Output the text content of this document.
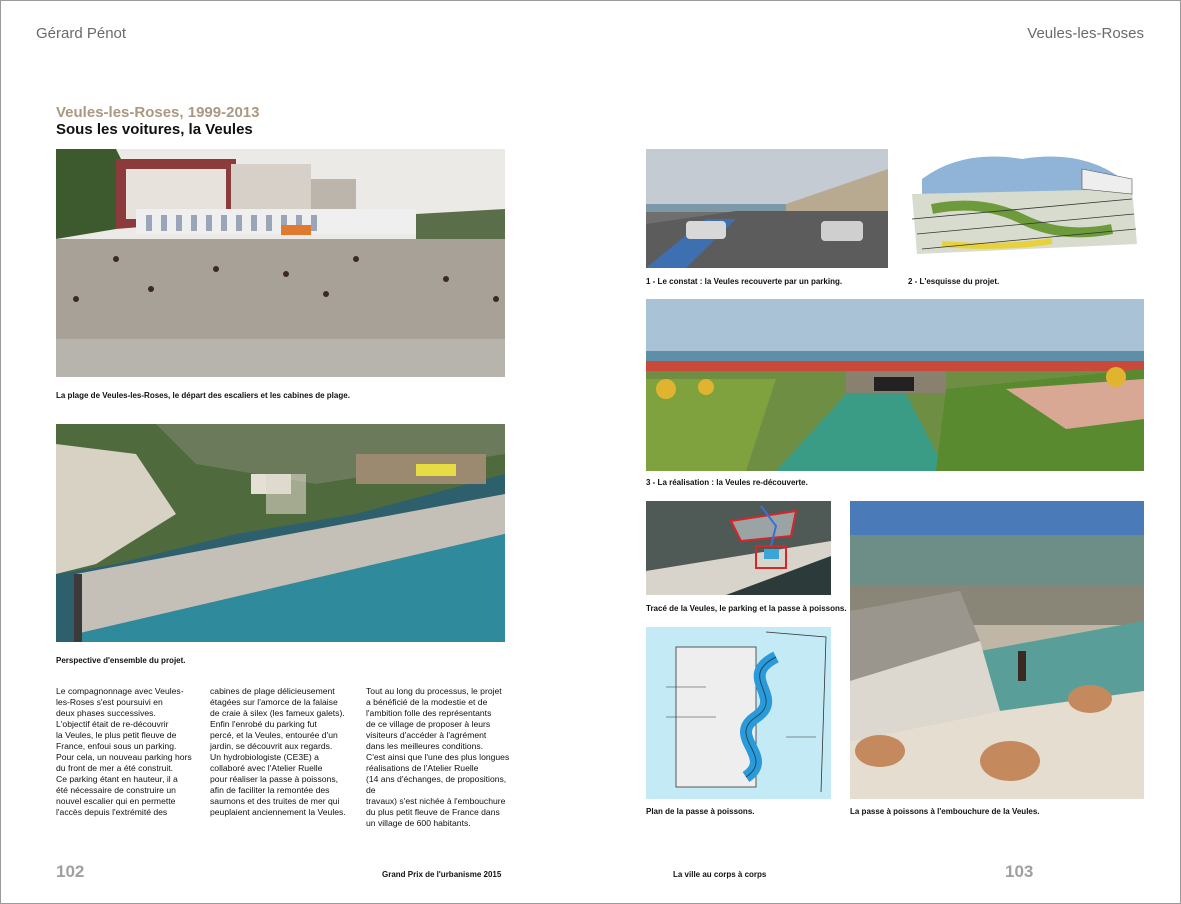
Gérard Pénot	Veules-les-Roses
Veules-les-Roses, 1999-2013
Sous les voitures, la Veules
La plage de Veules-les-Roses, le départ des escaliers et les cabines de plage.
Perspective d'ensemble du projet.
Le compagnonnage avec Veules-
les-Roses s'est poursuivi en
deux phases successives.
L'objectif était de re-découvrir
la Veules, le plus petit fleuve de
France, enfoui sous un parking.
Pour cela, un nouveau parking hors
du front de mer a été construit.
Ce parking étant en hauteur, il a
été nécessaire de construire un
nouvel escalier qui en permette
l'accès depuis l'extrémité des
cabines de plage délicieusement
étagées sur l'amorce de la falaise
de craie à silex (les fameux galets).
Enfin l'enrobé du parking fut
percé, et la Veules, entourée d'un
jardin, se découvrit aux regards.
Un hydrobiologiste (CE3E) a
collaboré avec l'Atelier Ruelle
pour réaliser la passe à poissons,
afin de faciliter la remontée des
saumons et des truites de mer qui
peuplaient anciennement la Veules.
Tout au long du processus, le projet
a bénéficié de la modestie et de
l'ambition folle des représentants
de ce village de proposer à leurs
visiteurs d'accéder à l'agrément
dans les meilleures conditions.
C'est ainsi que l'une des plus longues
réalisations de l'Atelier Ruelle
(14 ans d'échanges, de propositions, de
travaux) s'est nichée à l'embouchure
du plus petit fleuve de France dans
un village de 600 habitants.
1 - Le constat : la Veules recouverte par un parking.	2 - L'esquisse du projet.
3 - La réalisation : la Veules re-découverte.
Tracé de la Veules, le parking et la passe à poissons.
Plan de la passe à poissons.	La passe à poissons à l'embouchure de la Veules.
102	Grand Prix de l'urbanisme 2015	La ville au corps à corps	103
